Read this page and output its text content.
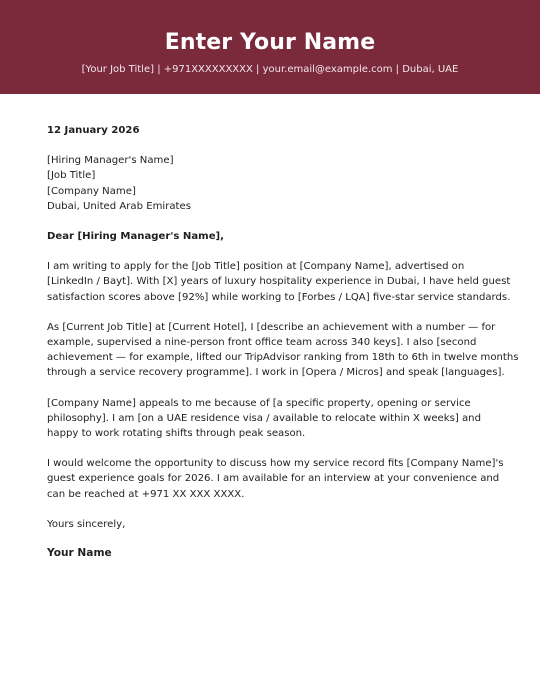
Enter Your Name
[Your Job Title] | +971XXXXXXXXX | your.email@example.com | Dubai, UAE
12 January 2026
[Hiring Manager's Name]
[Job Title]
[Company Name]
Dubai, United Arab Emirates
Dear [Hiring Manager's Name],
I am writing to apply for the [Job Title] position at [Company Name], advertised on
[LinkedIn / Bayt]. With [X] years of luxury hospitality experience in Dubai, I have held guest
satisfaction scores above [92%] while working to [Forbes / LQA] five-star service standards.
As [Current Job Title] at [Current Hotel], I [describe an achievement with a number — for
example, supervised a nine-person front office team across 340 keys]. I also [second
achievement — for example, lifted our TripAdvisor ranking from 18th to 6th in twelve months
through a service recovery programme]. I work in [Opera / Micros] and speak [languages].
[Company Name] appeals to me because of [a specific property, opening or service
philosophy]. I am [on a UAE residence visa / available to relocate within X weeks] and
happy to work rotating shifts through peak season.
I would welcome the opportunity to discuss how my service record fits [Company Name]'s
guest experience goals for 2026. I am available for an interview at your convenience and
can be reached at +971 XX XXX XXXX.
Yours sincerely,
Your Name
